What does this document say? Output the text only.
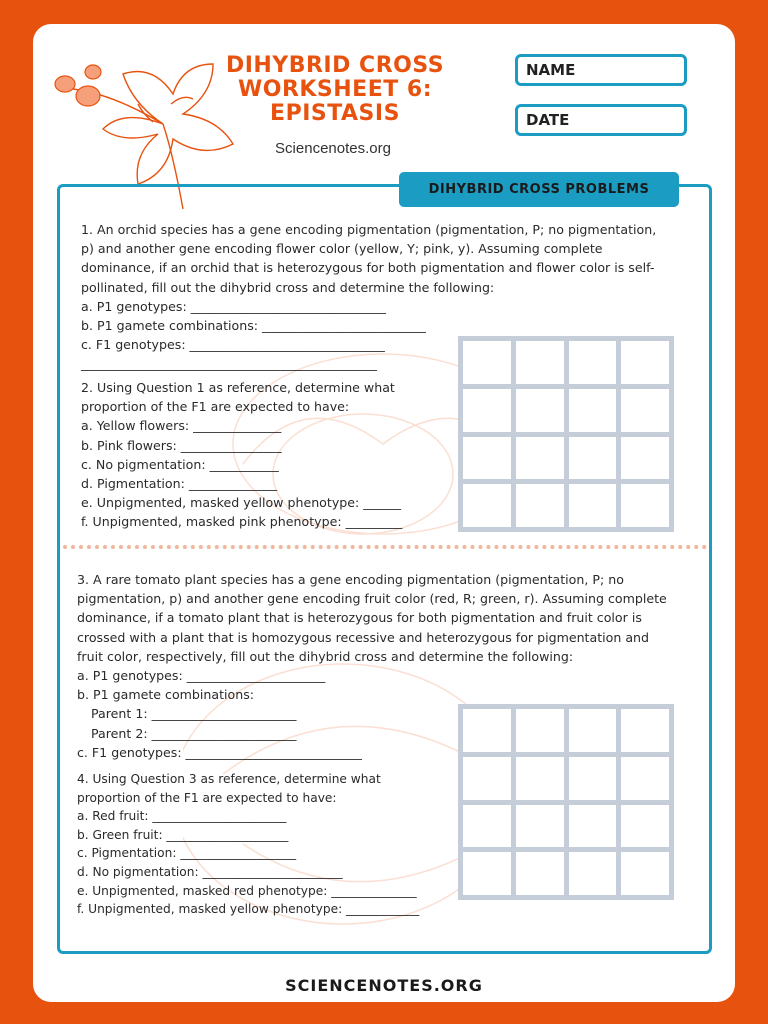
DIHYBRID CROSS
WORKSHEET 6:
EPISTASIS
Sciencenotes.org
NAME
DATE
DIHYBRID CROSS PROBLEMS
1. An orchid species has a gene encoding pigmentation (pigmentation, P; no pigmentation,
p) and another gene encoding flower color (yellow, Y; pink, y). Assuming complete
dominance, if an orchid that is heterozygous for both pigmentation and flower color is self-
pollinated, fill out the dihybrid cross and determine the following:
a. P1 genotypes: _______________________________
b. P1 gamete combinations: __________________________
c. F1 genotypes: _______________________________
_______________________________________________
2. Using Question 1 as reference, determine what
proportion of the F1 are expected to have:
a. Yellow flowers: ______________
b. Pink flowers: ________________
c. No pigmentation: ___________
d. Pigmentation: ______________
e. Unpigmented, masked yellow phenotype: ______
f. Unpigmented, masked pink phenotype: _________
3. A rare tomato plant species has a gene encoding pigmentation (pigmentation, P; no
pigmentation, p) and another gene encoding fruit color (red, R; green, r). Assuming complete
dominance, if a tomato plant that is heterozygous for both pigmentation and fruit color is
crossed with a plant that is homozygous recessive and heterozygous for pigmentation and
fruit color, respectively, fill out the dihybrid cross and determine the following:
a. P1 genotypes: ______________________
b. P1 gamete combinations:
Parent 1: _______________________
Parent 2: _______________________
c. F1 genotypes: ____________________________
4. Using Question 3 as reference, determine what
proportion of the F1 are expected to have:
a. Red fruit: ______________________
b. Green fruit: ____________________
c. Pigmentation: ___________________
d. No pigmentation: _______________________
e. Unpigmented, masked red phenotype: ______________
f. Unpigmented, masked yellow phenotype: ____________
SCIENCENOTES.ORG
